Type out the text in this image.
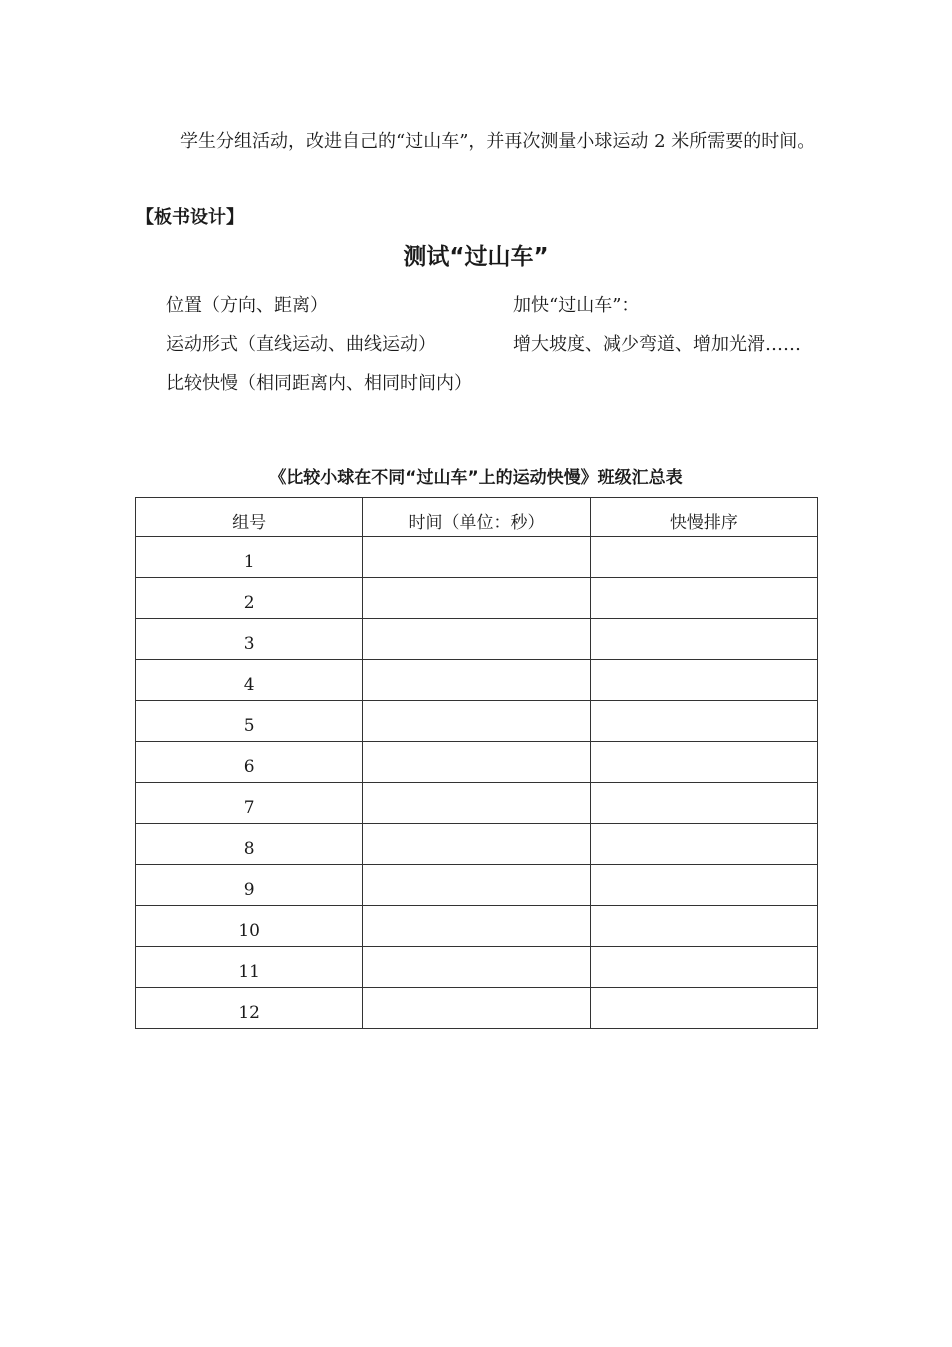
学生分组活动，改进自己的“过山车”，并再次测量小球运动 2 米所需要的时间。

【板书设计】
测试“过山车”
位置（方向、距离）
运动形式（直线运动、曲线运动）
比较快慢（相同距离内、相同时间内）
加快“过山车”：
增大坡度、减少弯道、增加光滑……
《比较小球在不同“过山车”上的运动快慢》班级汇总表
组号	时间（单位：秒）	快慢排序
1		
2		
3		
4		
5		
6		
7		
8		
9		
10		
11		
12		
